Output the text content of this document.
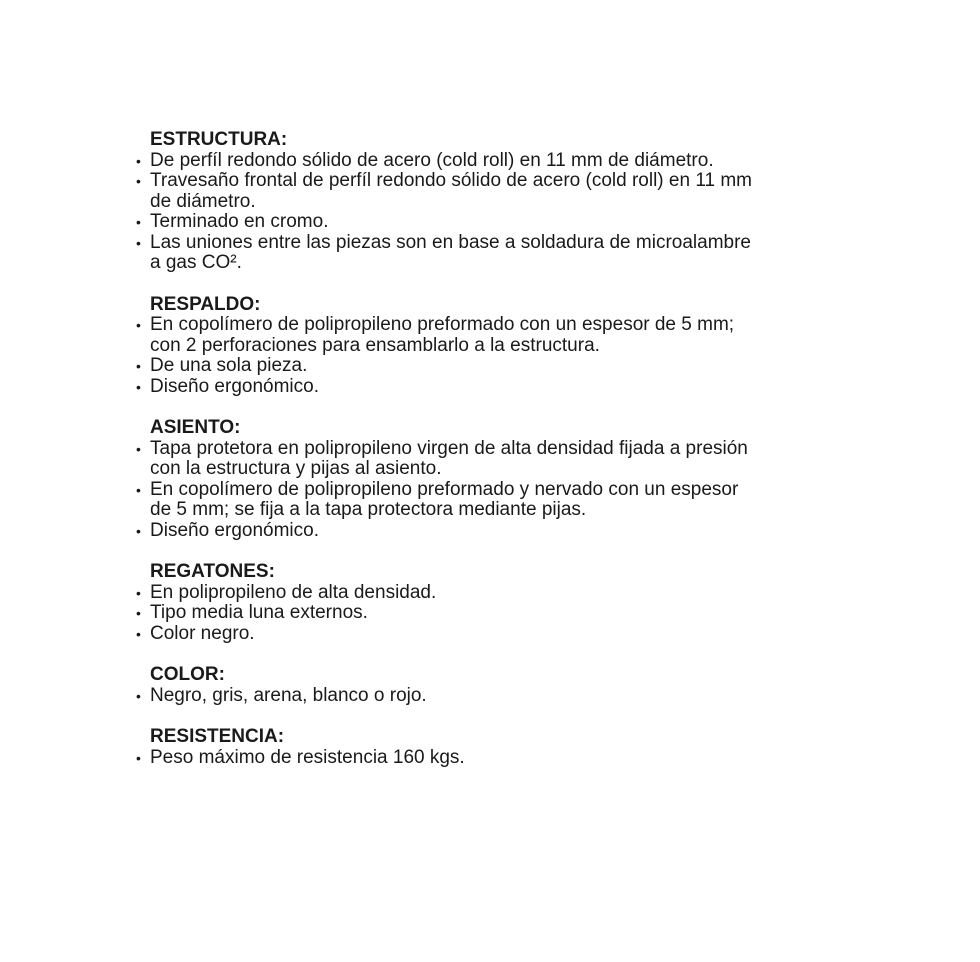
ESTRUCTURA:
• De perfíl redondo sólido de acero (cold roll) en 11 mm de diámetro.
• Travesaño frontal de perfíl redondo sólido de acero (cold roll) en 11 mm de diámetro.
• Terminado en cromo.
• Las uniones entre las piezas son en base a soldadura de microalambre a gas CO².
RESPALDO:
• En copolímero de polipropileno preformado con un espesor de 5 mm; con 2 perforaciones para ensamblarlo a la estructura.
• De una sola pieza.
• Diseño ergonómico.
ASIENTO:
• Tapa protetora en polipropileno virgen de alta densidad fijada a presión con la estructura y pijas al asiento.
• En copolímero de polipropileno preformado y nervado con un espesor de 5 mm; se fija a la tapa protectora mediante pijas.
• Diseño ergonómico.
REGATONES:
• En polipropileno de alta densidad.
• Tipo media luna externos.
• Color negro.
COLOR:
• Negro, gris, arena, blanco o rojo.
RESISTENCIA:
• Peso máximo de resistencia 160 kgs.
